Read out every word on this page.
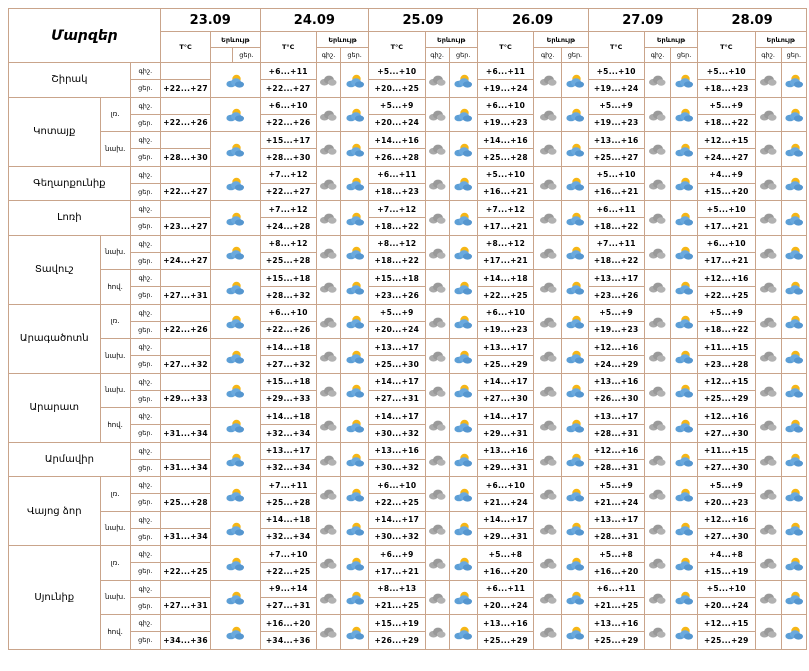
Մարզեր			23.09			24.09			25.09			26.09			27.09			28.09		
			T°C	Երևույթ		T°C	Երևույթ		T°C	Երևույթ		T°C	Երևույթ		T°C	Երևույթ		T°C	Երևույթ	
					ցեր.		գիշ.	ցեր.		գիշ.	ցեր.		գիշ.	ցեր.		գիշ.	ցեր.		գիշ.	ցեր.
Շիրակ		գիշ.				+6...+11			+5...+10			+6...+11			+5...+10			+5...+10		
		ցեր.	+22...+27			+22...+27			+20...+25			+19...+24			+19...+24			+18...+23		
Կոտայք	լռ.	գիշ.				+6...+10			+5...+9			+6...+10			+5...+9			+5...+9		
		ցեր.	+22...+26			+22...+26			+20...+24			+19...+23			+19...+23			+18...+22		
	նախ.	գիշ.				+15...+17			+14...+16			+14...+16			+13...+16			+12...+15		
		ցեր.	+28...+30			+28...+30			+26...+28			+25...+28			+25...+27			+24...+27		
Գեղարքունիք		գիշ.				+7...+12			+6...+11			+5...+10			+5...+10			+4...+9		
		ցեր.	+22...+27			+22...+27			+18...+23			+16...+21			+16...+21			+15...+20		
Լոռի		գիշ.				+7...+12			+7...+12			+7...+12			+6...+11			+5...+10		
		ցեր.	+23...+27			+24...+28			+18...+22			+17...+21			+18...+22			+17...+21		
Տավուշ	նախ.	գիշ.				+8...+12			+8...+12			+8...+12			+7...+11			+6...+10		
		ցեր.	+24...+27			+25...+28			+18...+22			+17...+21			+18...+22			+17...+21		
	հով.	գիշ.				+15...+18			+15...+18			+14...+18			+13...+17			+12...+16		
		ցեր.	+27...+31			+28...+32			+23...+26			+22...+25			+23...+26			+22...+25		
Արագածոտն	լռ.	գիշ.				+6...+10			+5...+9			+6...+10			+5...+9			+5...+9		
		ցեր.	+22...+26			+22...+26			+20...+24			+19...+23			+19...+23			+18...+22		
	նախ.	գիշ.				+14...+18			+13...+17			+13...+17			+12...+16			+11...+15		
		ցեր.	+27...+32			+27...+32			+25...+30			+25...+29			+24...+29			+23...+28		
Արարատ	նախ.	գիշ.				+15...+18			+14...+17			+14...+17			+13...+16			+12...+15		
		ցեր.	+29...+33			+29...+33			+27...+31			+27...+30			+26...+30			+25...+29		
	հով.	գիշ.				+14...+18			+14...+17			+14...+17			+13...+17			+12...+16		
		ցեր.	+31...+34			+32...+34			+30...+32			+29...+31			+28...+31			+27...+30		
Արմավիր		գիշ.				+13...+17			+13...+16			+13...+16			+12...+16			+11...+15		
		ցեր.	+31...+34			+32...+34			+30...+32			+29...+31			+28...+31			+27...+30		
Վայոց ձոր	լռ.	գիշ.				+7...+11			+6...+10			+6...+10			+5...+9			+5...+9		
		ցեր.	+25...+28			+25...+28			+22...+25			+21...+24			+21...+24			+20...+23		
	նախ.	գիշ.				+14...+18			+14...+17			+14...+17			+13...+17			+12...+16		
		ցեր.	+31...+34			+32...+34			+30...+32			+29...+31			+28...+31			+27...+30		
Սյունիք	լռ.	գիշ.				+7...+10			+6...+9			+5...+8			+5...+8			+4...+8		
		ցեր.	+22...+25			+22...+25			+17...+21			+16...+20			+16...+20			+15...+19		
	նախ.	գիշ.				+9...+14			+8...+13			+6...+11			+6...+11			+5...+10		
		ցեր.	+27...+31			+27...+31			+21...+25			+20...+24			+21...+25			+20...+24		
	հով.	գիշ.				+16...+20			+15...+19			+13...+16			+13...+16			+12...+15		
		ցեր.	+34...+36			+34...+36			+26...+29			+25...+29			+25...+29			+25...+29		
